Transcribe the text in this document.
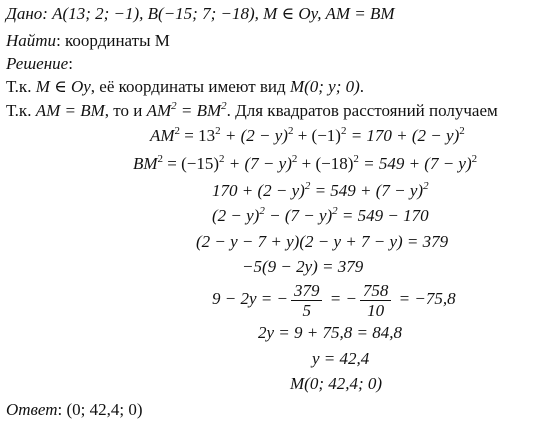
Дано: A(13; 2; −1), B(−15; 7; −18), M ∈ Oy, AM = BM
Найти: координаты M
Решение:
Т.к. M ∈ Oy, её координаты имеют вид M(0; y; 0).
Т.к. AM = BM, то и $AM^2 = BM^2$. Для квадратов расстояний получаем
$AM^2 = 13^2 + (2 - y)^2 + (-1)^2 = 170 + (2 - y)^2$
$BM^2 = (-15)^2 + (7 - y)^2 + (-18)^2 = 549 + (7 - y)^2$
$170 + (2 - y)^2 = 549 + (7 - y)^2$
$(2 - y)^2 - (7 - y)^2 = 549 - 170$
(2 − y − 7 + y)(2 − y + 7 − y) = 379
−5(9 − 2y) = 379
9 − 2y = − $\frac{379}{5}$ = − $\frac{758}{10} = -75,8$
2y = 9 + 75,8 = 84,8
y = 42,4
M(0; 42,4; 0)
Ответ: (0; 42,4; 0)
